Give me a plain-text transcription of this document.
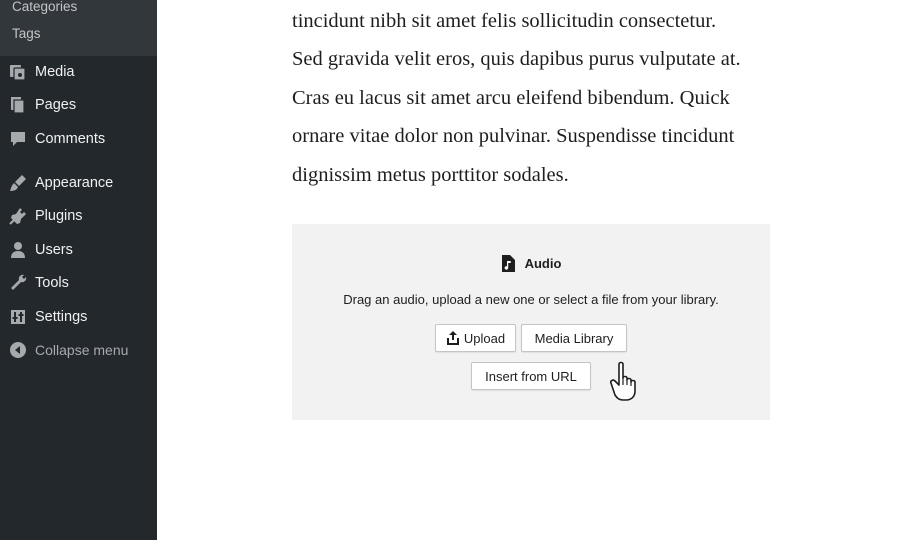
Categories
Tags
Media
Pages
Comments
Appearance
Plugins
Users
Tools
Settings
Collapse menu

tincidunt nibh sit amet felis sollicitudin consectetur.
Sed gravida velit eros, quis dapibus purus vulputate at.
Cras eu lacus sit amet arcu eleifend bibendum. Quick
ornare vitae dolor non pulvinar. Suspendisse tincidunt
dignissim metus porttitor sodales.

Audio
Drag an audio, upload a new one or select a file from your library.
Upload Media Library
Insert from URL
